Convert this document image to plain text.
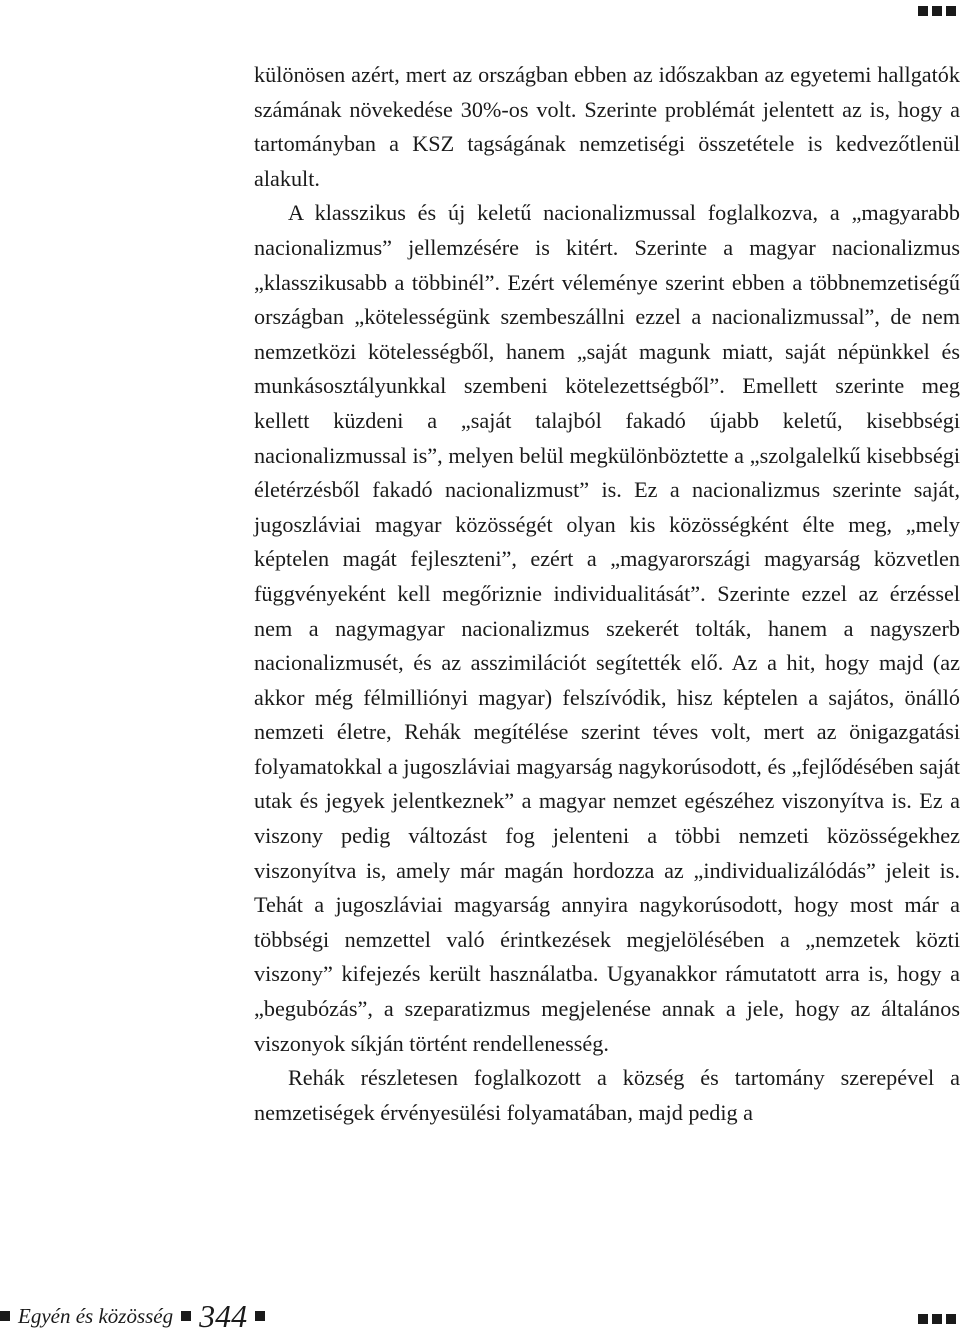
különösen azért, mert az országban ebben az időszakban az egyetemi hallgatók számának növekedése 30%-os volt. Szerinte problémát jelentett az is, hogy a tartományban a KSZ tagságának nemzetiségi összetétele is kedvezőtlenül alakult.

A klasszikus és új keletű nacionalizmussal foglalkozva, a „magyarabb nacionalizmus” jellemzésére is kitért. Szerinte a magyar nacionalizmus „klasszikusabb a többinél”. Ezért véleménye szerint ebben a többnemzetiségű országban „kötelességünk szembeszállni ezzel a nacionalizmussal”, de nem nemzetközi kötelességből, hanem „saját magunk miatt, saját népünkkel és munkásosztályunkkal szembeni kötelezettségből”. Emellett szerinte meg kellett küzdeni a „saját talajból fakadó újabb keletű, kisebbségi nacionalizmussal is”, melyen belül megkülönböztette a „szolgalelkű kisebbségi életérzésből fakadó nacionalizmust” is. Ez a nacionalizmus szerinte saját, jugoszláviai magyar közösségét olyan kis közösségként élte meg, „mely képtelen magát fejleszteni”, ezért a „magyarországi magyarság közvetlen függvényeként kell megőriznie individualitását”. Szerinte ezzel az érzéssel nem a nagymagyar nacionalizmus szekerét tolták, hanem a nagyszerb nacionalizmusét, és az asszimilációt segítették elő. Az a hit, hogy majd (az akkor még félmilliónyi magyar) felszívódik, hisz képtelen a sajátos, önálló nemzeti életre, Rehák megítélése szerint téves volt, mert az önigazgatási folyamatokkal a jugoszláviai magyarság nagykorúsodott, és „fejlődésében saját utak és jegyek jelentkeznek” a magyar nemzet egészéhez viszonyítva is. Ez a viszony pedig változást fog jelenteni a többi nemzeti közösségekhez viszonyítva is, amely már magán hordozza az „individualizálódás” jeleit is. Tehát a jugoszláviai magyarság annyira nagykorúsodott, hogy most már a többségi nemzettel való érintkezések megjelölésében a „nemzetek közti viszony” kifejezés került használatba. Ugyanakkor rámutatott arra is, hogy a „begubózás”, a szeparatizmus megjelenése annak a jele, hogy az általános viszonyok síkján történt rendellenesség.

Rehák részletesen foglalkozott a község és tartomány szerepével a nemzetiségek érvényesülési folyamatában, majd pedig a

Egyén és közösség 344
